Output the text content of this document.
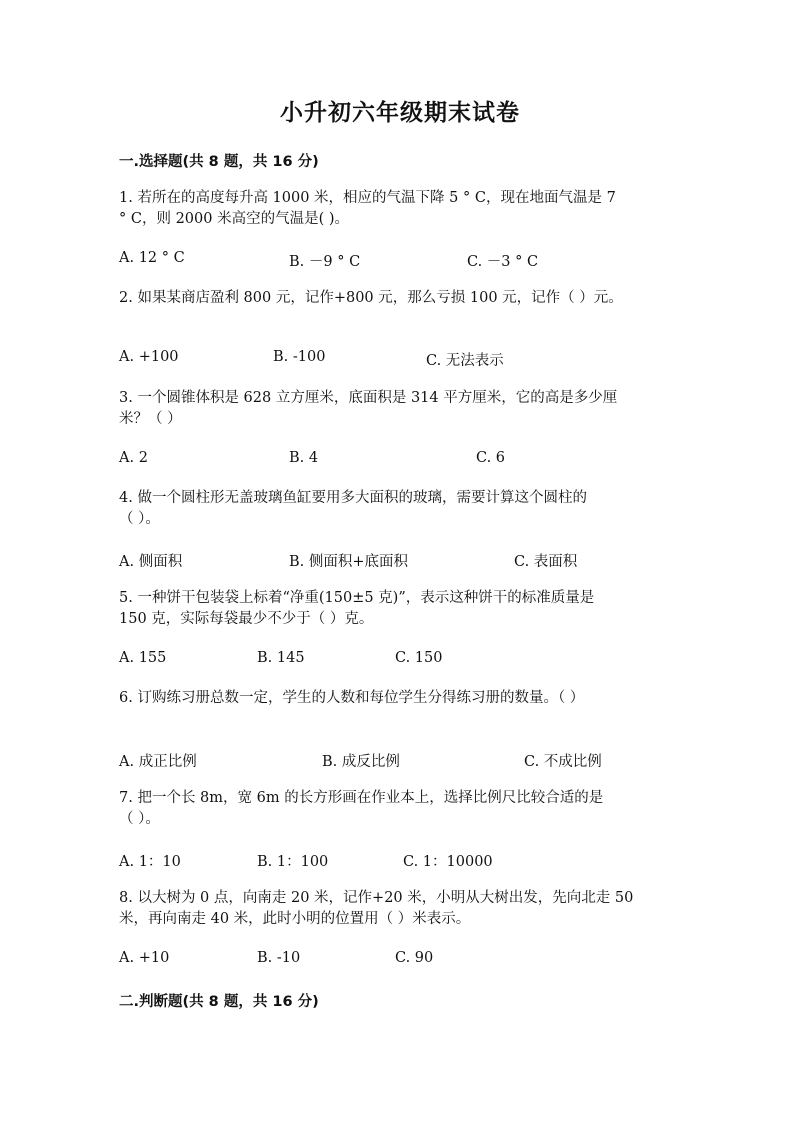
小升初六年级期末试卷
一.选择题(共 8 题，共 16 分)
1. 若所在的高度每升高 1000 米，相应的气温下降 5 ° C，现在地面气温是 7
° C，则 2000 米高空的气温是( )。
A. 12 ° C	B. －9 ° C	C. －3 ° C
2. 如果某商店盈利 800 元，记作+800 元，那么亏损 100 元，记作（ ）元。
A. +100	B. -100	C. 无法表示
3. 一个圆锥体积是 628 立方厘米，底面积是 314 平方厘米，它的高是多少厘
米？（ ）
A. 2	B. 4	C. 6
4. 做一个圆柱形无盖玻璃鱼缸要用多大面积的玻璃，需要计算这个圆柱的
（ ）。
A. 侧面积	B. 侧面积+底面积	C. 表面积
5. 一种饼干包装袋上标着“净重(150±5 克)”，表示这种饼干的标准质量是
150 克，实际每袋最少不少于（ ）克。
A. 155	B. 145	C. 150
6. 订购练习册总数一定，学生的人数和每位学生分得练习册的数量。（ ）
A. 成正比例	B. 成反比例	C. 不成比例
7. 把一个长 8m，宽 6m 的长方形画在作业本上，选择比例尺比较合适的是
（ ）。
A. 1：10	B. 1：100	C. 1：10000
8. 以大树为 0 点，向南走 20 米，记作+20 米，小明从大树出发，先向北走 50
米，再向南走 40 米，此时小明的位置用（ ）米表示。
A. +10	B. -10	C. 90
二.判断题(共 8 题，共 16 分)
